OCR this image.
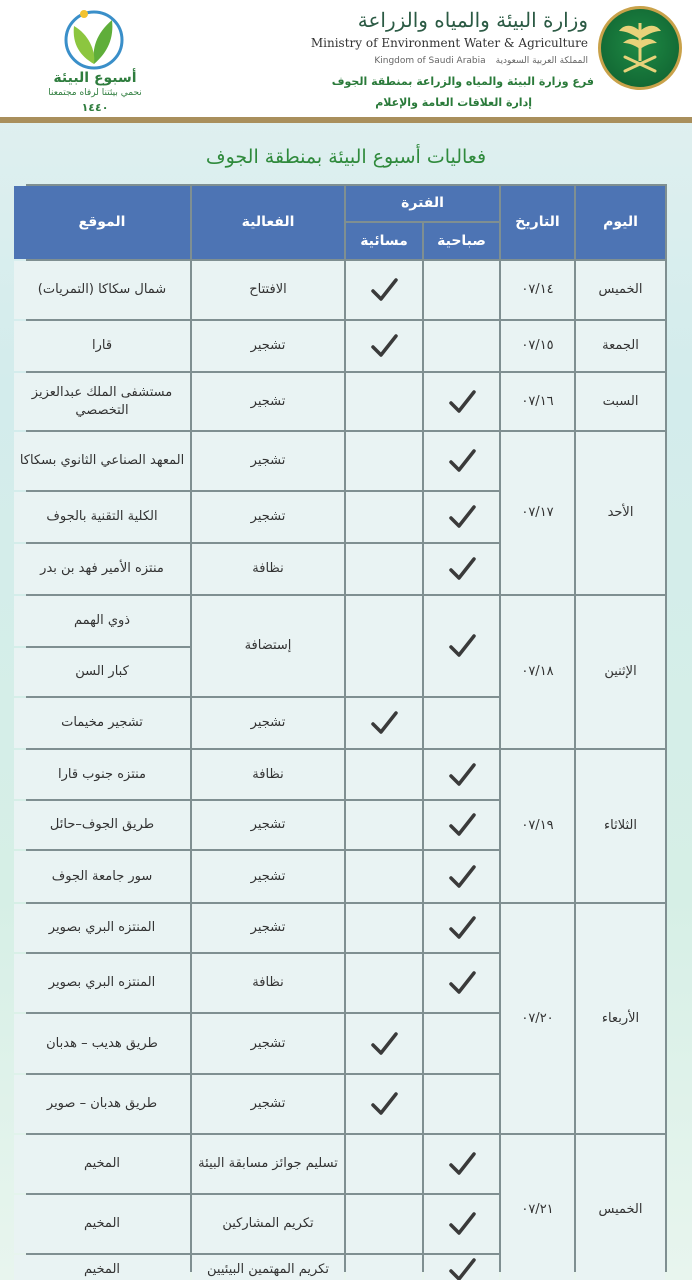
وزارة البيئة والمياه والزراعة
Ministry of Environment Water & Agriculture
Kingdom of Saudi Arabia المملكة العربية السعودية
فرع وزارة البيئة والمياه والزراعة بمنطقة الجوف
إدارة العلاقات العامة والإعلام
أسبوع البيئة
نحمي بيئتنا لرفاه مجتمعنا
١٤٤٠
فعاليات أسبوع البيئة بمنطقة الجوف
اليوم
التاريخ
الفترة
صباحية
مسائية
الفعالية
الموقع
الخميس
٠٧/١٤
الجمعة
٠٧/١٥
السبت
٠٧/١٦
الأحد
٠٧/١٧
الإثنين
٠٧/١٨
الثلاثاء
٠٧/١٩
الأربعاء
٠٧/٢٠
الخميس
٠٧/٢١
الافتتاح
شمال سكاكا (التمريات)
تشجير
قارا
تشجير
مستشفى الملك عبدالعزيز التخصصي
تشجير
المعهد الصناعي الثانوي بسكاكا
تشجير
الكلية التقنية بالجوف
نظافة
منتزه الأمير فهد بن بدر
إستضافة
ذوي الهمم
كبار السن
تشجير
تشجير مخيمات
نظافة
منتزه جنوب قارا
تشجير
طريق الجوف–حائل
تشجير
سور جامعة الجوف
تشجير
المنتزه البري بصوير
نظافة
المنتزه البري بصوير
تشجير
طريق هديب – هدبان
تشجير
طريق هدبان – صوير
تسليم جوائز مسابقة البيئة
المخيم
تكريم المشاركين
المخيم
تكريم المهتمين البيئيين
المخيم
